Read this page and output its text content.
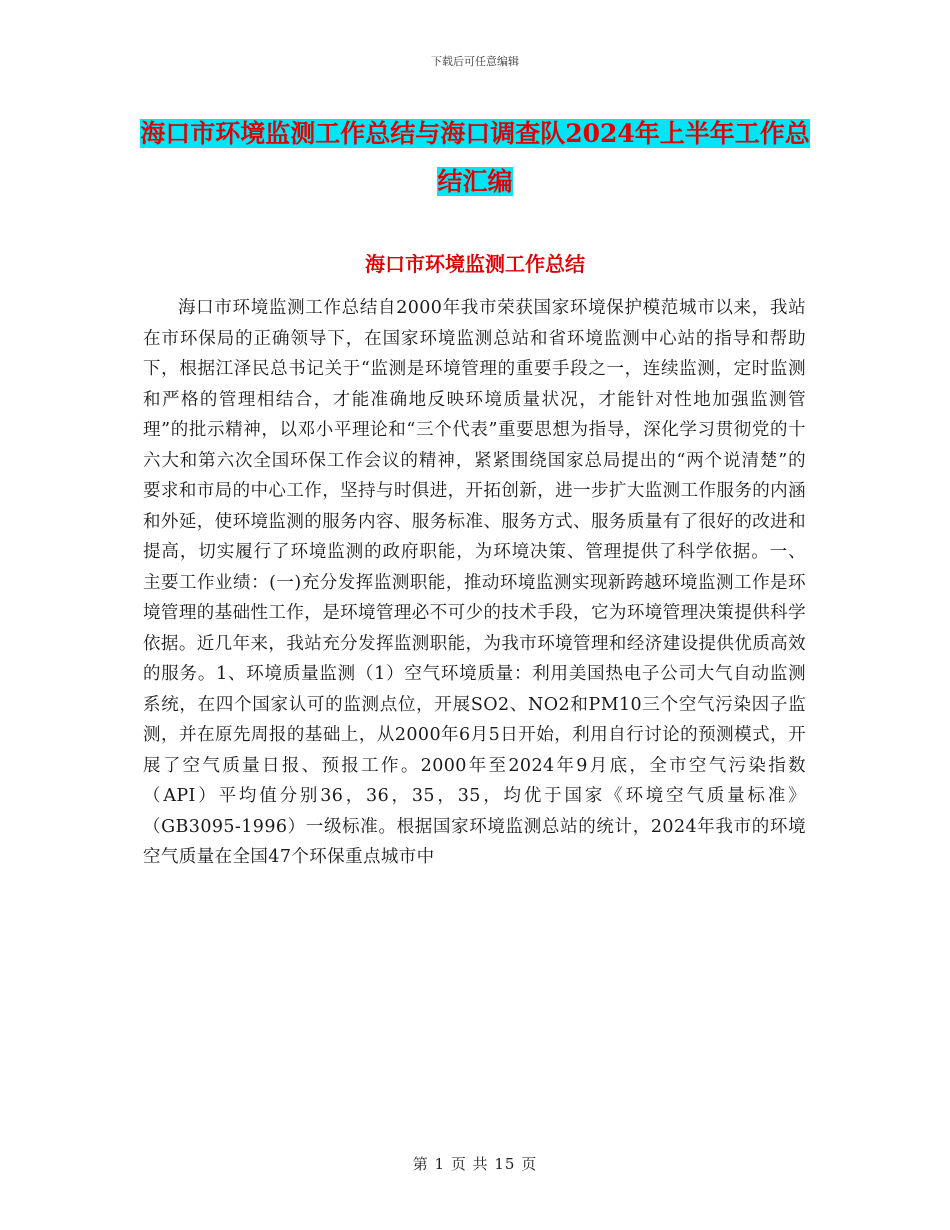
下载后可任意编辑
海口市环境监测工作总结与海口调查队2024年上半年工作总结汇编
海口市环境监测工作总结

海口市环境监测工作总结自2000年我市荣获国家环境保护模范城市以来，我站在市环保局的正确领导下，在国家环境监测总站和省环境监测中心站的指导和帮助下，根据江泽民总书记关于“监测是环境管理的重要手段之一，连续监测，定时监测和严格的管理相结合，才能准确地反映环境质量状况，才能针对性地加强监测管理”的批示精神，以邓小平理论和“三个代表”重要思想为指导，深化学习贯彻党的十六大和第六次全国环保工作会议的精神，紧紧围绕国家总局提出的“两个说清楚”的要求和市局的中心工作，坚持与时俱进，开拓创新，进一步扩大监测工作服务的内涵和外延，使环境监测的服务内容、服务标准、服务方式、服务质量有了很好的改进和提高，切实履行了环境监测的政府职能，为环境决策、管理提供了科学依据。一、 主要工作业绩：(一)充分发挥监测职能，推动环境监测实现新跨越环境监测工作是环境管理的基础性工作，是环境管理必不可少的技术手段，它为环境管理决策提供科学依据。近几年来，我站充分发挥监测职能，为我市环境管理和经济建设提供优质高效的服务。1、环境质量监测（1）空气环境质量：利用美国热电子公司大气自动监测系统，在四个国家认可的监测点位，开展SO2、NO2和PM10三个空气污染因子监测，并在原先周报的基础上，从2000年6月5日开始，利用自行讨论的预测模式，开展了空气质量日报、预报工作。2000年至2024年9月底，全市空气污染指数（API）平均值分别36，36，35，35，均优于国家《环境空气质量标准》（GB3095-1996）一级标准。根据国家环境监测总站的统计，2024年我市的环境空气质量在全国47个环保重点城市中

第 1 页 共 15 页
